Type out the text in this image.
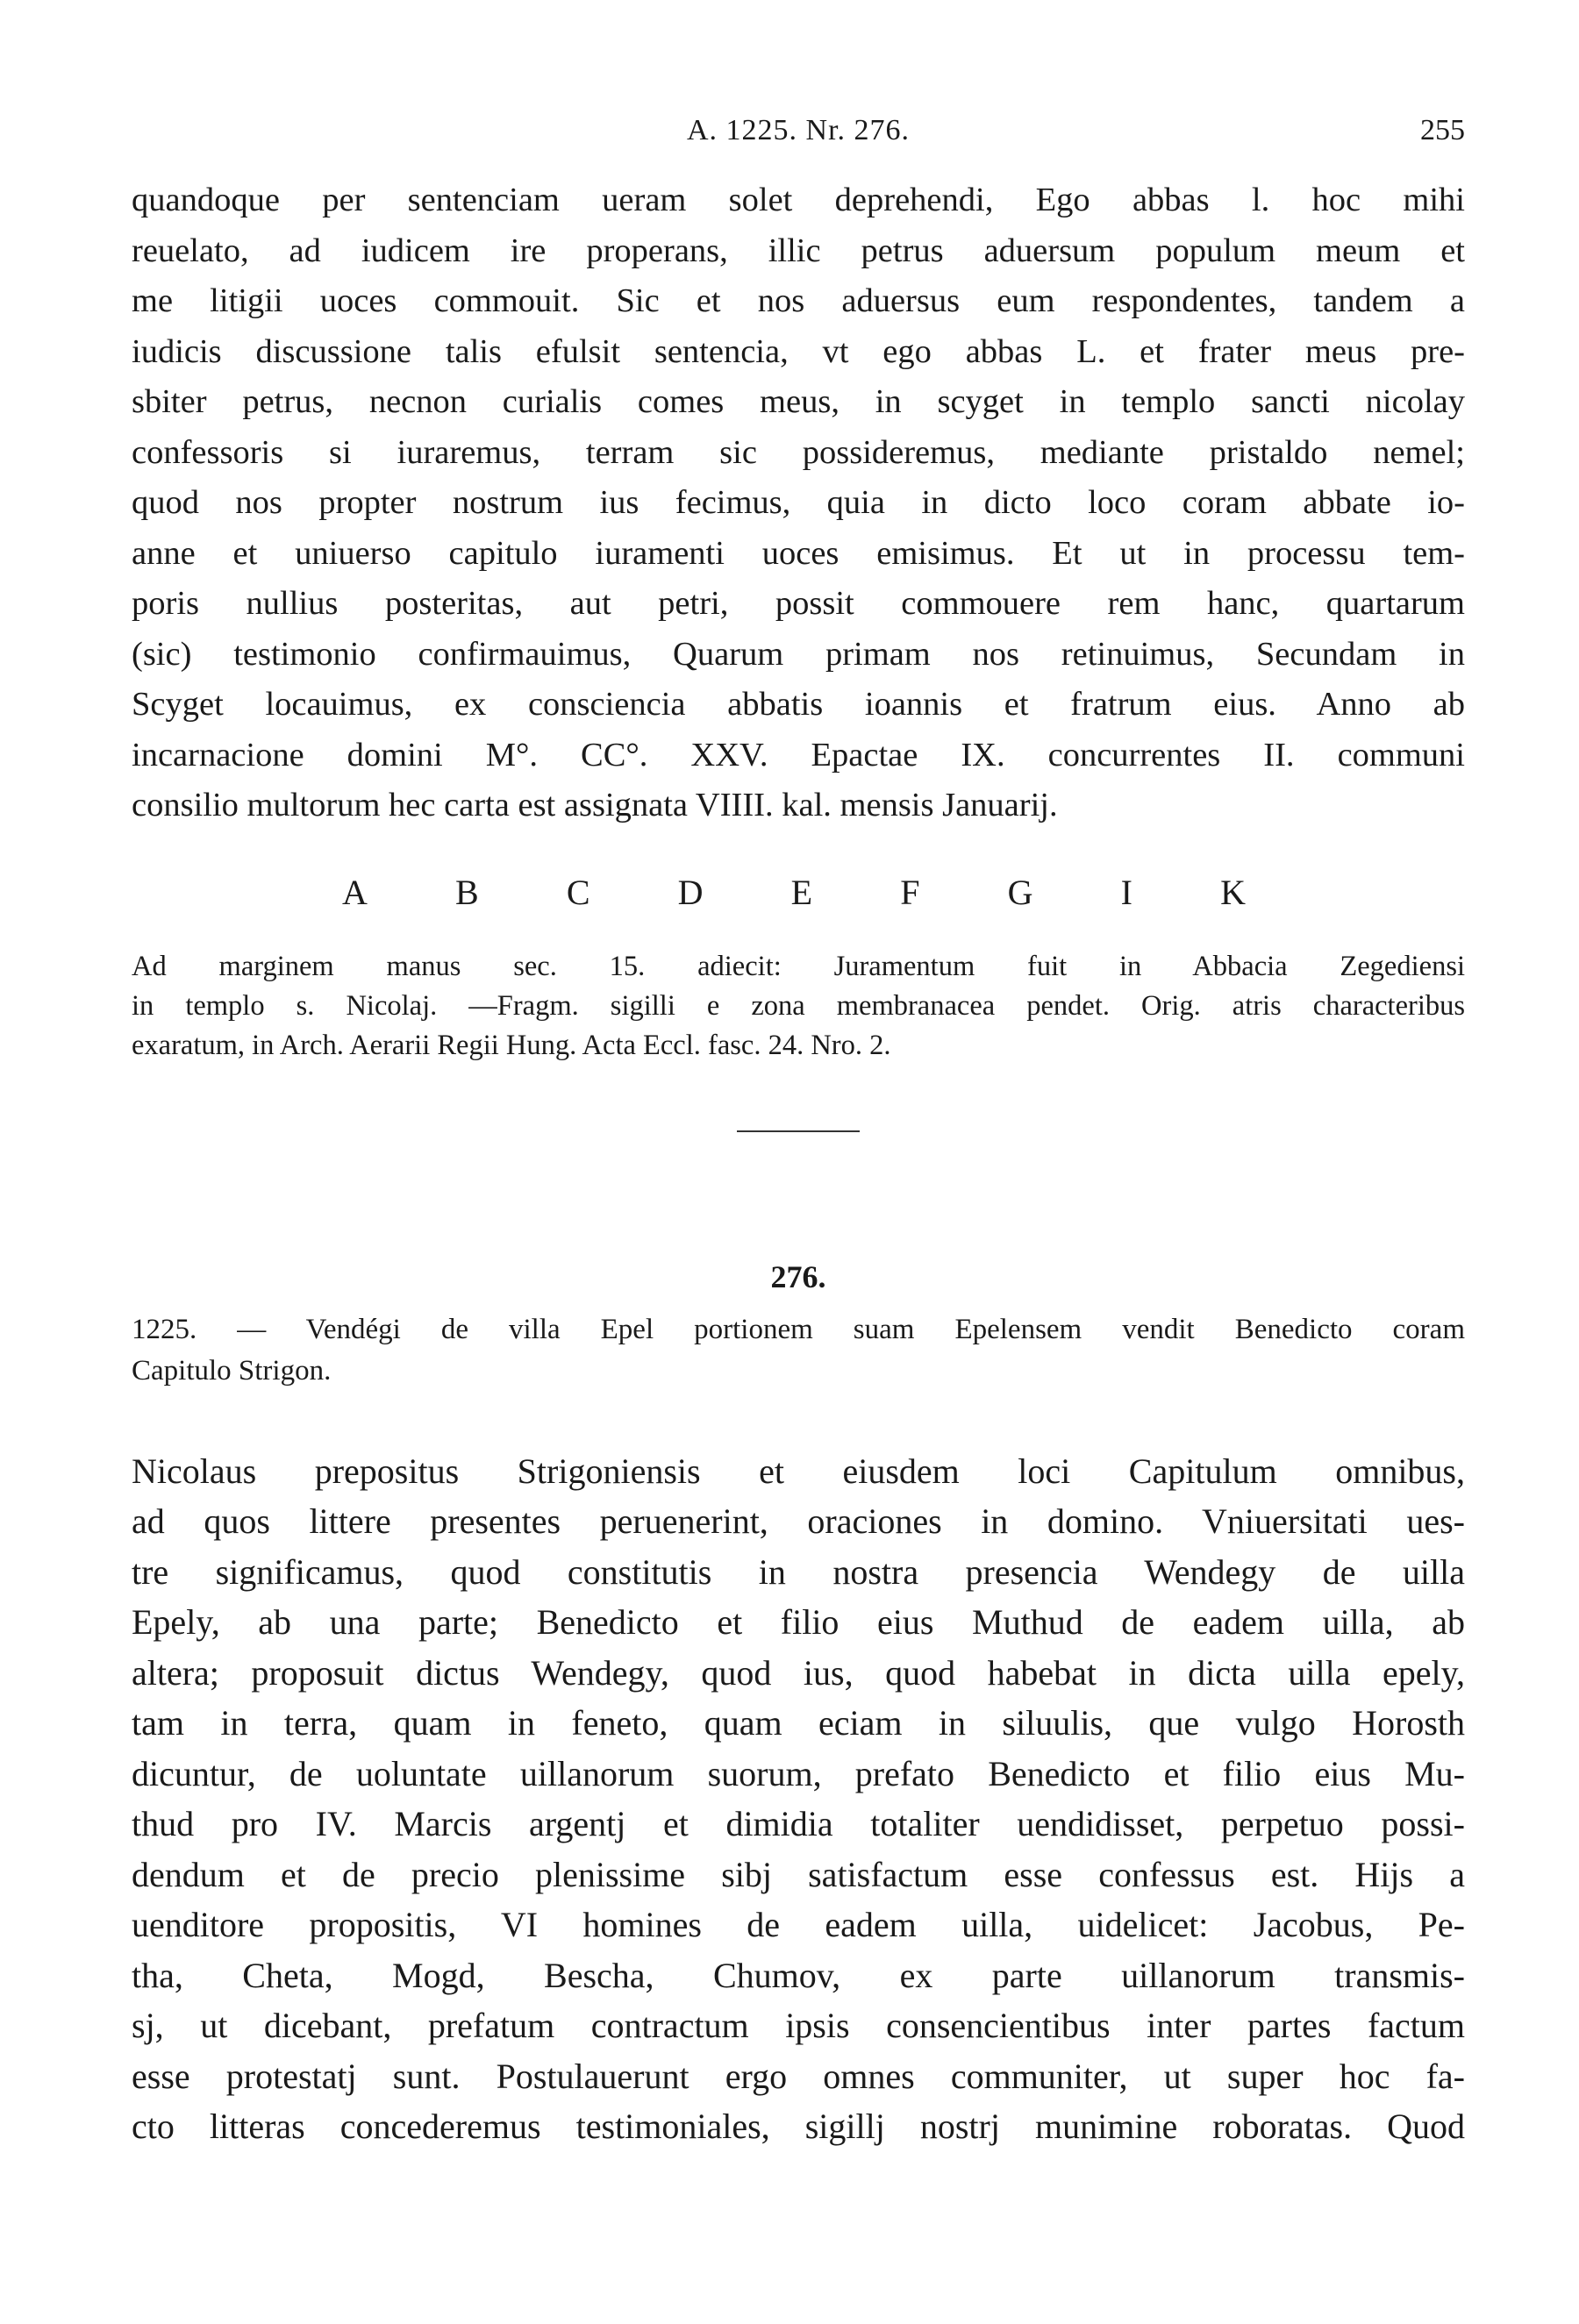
A. 1225. Nr. 276.	255
quandoque per sentenciam ueram solet deprehendi, Ego abbas l. hoc mihi
reuelato, ad iudicem ire properans, illic petrus aduersum populum meum et
me litigii uoces commouit. Sic et nos aduersus eum respondentes, tandem a
iudicis discussione talis efulsit sentencia, vt ego abbas L. et frater meus pre-
sbiter petrus, necnon curialis comes meus, in scyget in templo sancti nicolay
confessoris si iuraremus, terram sic possideremus, mediante pristaldo nemel;
quod nos propter nostrum ius fecimus, quia in dicto loco coram abbate io-
anne et uniuerso capitulo iuramenti uoces emisimus. Et ut in processu tem-
poris nullius posteritas, aut petri, possit commouere rem hanc, quartarum
(sic) testimonio confirmauimus, Quarum primam nos retinuimus, Secundam in
Scyget locauimus, ex consciencia abbatis ioannis et fratrum eius. Anno ab
incarnacione domini M°. CC°. XXV. Epactae IX. concurrentes II. communi
consilio multorum hec carta est assignata VIIII. kal. mensis Januarij.
A	B	C	D	E	F	G	I	K
Ad marginem manus sec. 15. adiecit: Juramentum fuit in Abbacia Zegediensi
in templo s. Nicolaj. —Fragm. sigilli e zona membranacea pendet. Orig. atris characteribus
exaratum, in Arch. Aerarii Regii Hung. Acta Eccl. fasc. 24. Nro. 2.
276.
1225. — Vendégi de villa Epel portionem suam Epelensem vendit Benedicto coram
Capitulo Strigon.
Nicolaus prepositus Strigoniensis et eiusdem loci Capitulum omnibus,
ad quos littere presentes peruenerint, oraciones in domino. Vniuersitati ues-
tre significamus, quod constitutis in nostra presencia Wendegy de uilla
Epely, ab una parte; Benedicto et filio eius Muthud de eadem uilla, ab
altera; proposuit dictus Wendegy, quod ius, quod habebat in dicta uilla epely,
tam in terra, quam in feneto, quam eciam in siluulis, que vulgo Horosth
dicuntur, de uoluntate uillanorum suorum, prefato Benedicto et filio eius Mu-
thud pro IV. Marcis argentj et dimidia totaliter uendidisset, perpetuo possi-
dendum et de precio plenissime sibj satisfactum esse confessus est. Hijs a
uenditore propositis, VI homines de eadem uilla, uidelicet: Jacobus, Pe-
tha, Cheta, Mogd, Bescha, Chumov, ex parte uillanorum transmis-
sj, ut dicebant, prefatum contractum ipsis consencientibus inter partes factum
esse protestatj sunt. Postulauerunt ergo omnes communiter, ut super hoc fa-
cto litteras concederemus testimoniales, sigillj nostrj munimine roboratas. Quod
